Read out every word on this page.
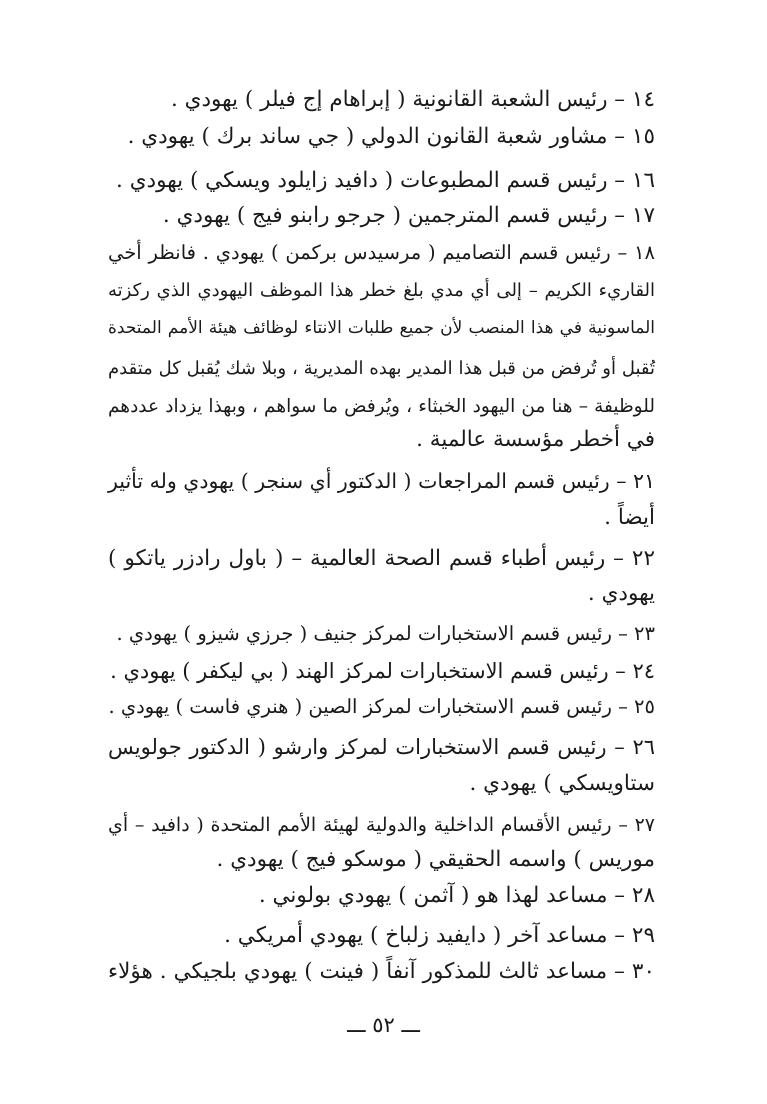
١٤ – رئيس الشعبة القانونية ( إبراهام إج فيلر ) يهودي .
١٥ – مشاور شعبة القانون الدولي ( جي ساند برك ) يهودي .
١٦ – رئيس قسم المطبوعات ( دافيد زايلود ويسكي ) يهودي .
١٧ – رئيس قسم المترجمين ( جرجو رابنو فيج ) يهودي .
١٨ – رئيس قسم التصاميم ( مرسيدس بركمن ) يهودي . فانظر أخي
القاريء الكريم – إلى أي مدي بلغ خطر هذا الموظف اليهودي الذي ركزته
الماسونية في هذا المنصب لأن جميع طلبات الانتاء لوظائف هيئة الأمم المتحدة
تُقبل أو تُرفض من قبل هذا المدير بهده المديرية ، وبلا شك يُقبل كل متقدم
للوظيفة – هنا من اليهود الخبثاء ، ويُرفض ما سواهم ، وبهذا يزداد عددهم
في أخطر مؤسسة عالمية .
٢١ – رئيس قسم المراجعات ( الدكتور أي سنجر ) يهودي وله تأثير
أيضاً .
٢٢ – رئيس أطباء قسم الصحة العالمية – ( باول رادزر ياتكو )
يهودي .
٢٣ – رئيس قسم الاستخبارات لمركز جنيف ( جرزي شيزو ) يهودي .
٢٤ – رئيس قسم الاستخبارات لمركز الهند ( بي ليكفر ) يهودي .
٢٥ – رئيس قسم الاستخبارات لمركز الصين ( هنري فاست ) يهودي .
٢٦ – رئيس قسم الاستخبارات لمركز وارشو ( الدكتور جولويس
ستاويسكي ) يهودي .
٢٧ – رئيس الأقسام الداخلية والدولية لهيئة الأمم المتحدة ( دافيد – أي
موريس ) واسمه الحقيقي ( موسكو فيج ) يهودي .
٢٨ – مساعد لهذا هو ( آثمن ) يهودي بولوني .
٢٩ – مساعد آخر ( دايفيد زلباخ ) يهودي أمريكي .
٣٠ – مساعد ثالث للمذكور آنفاً ( فينت ) يهودي بلجيكي . هؤلاء
ـــ ٥٢ ـــ
